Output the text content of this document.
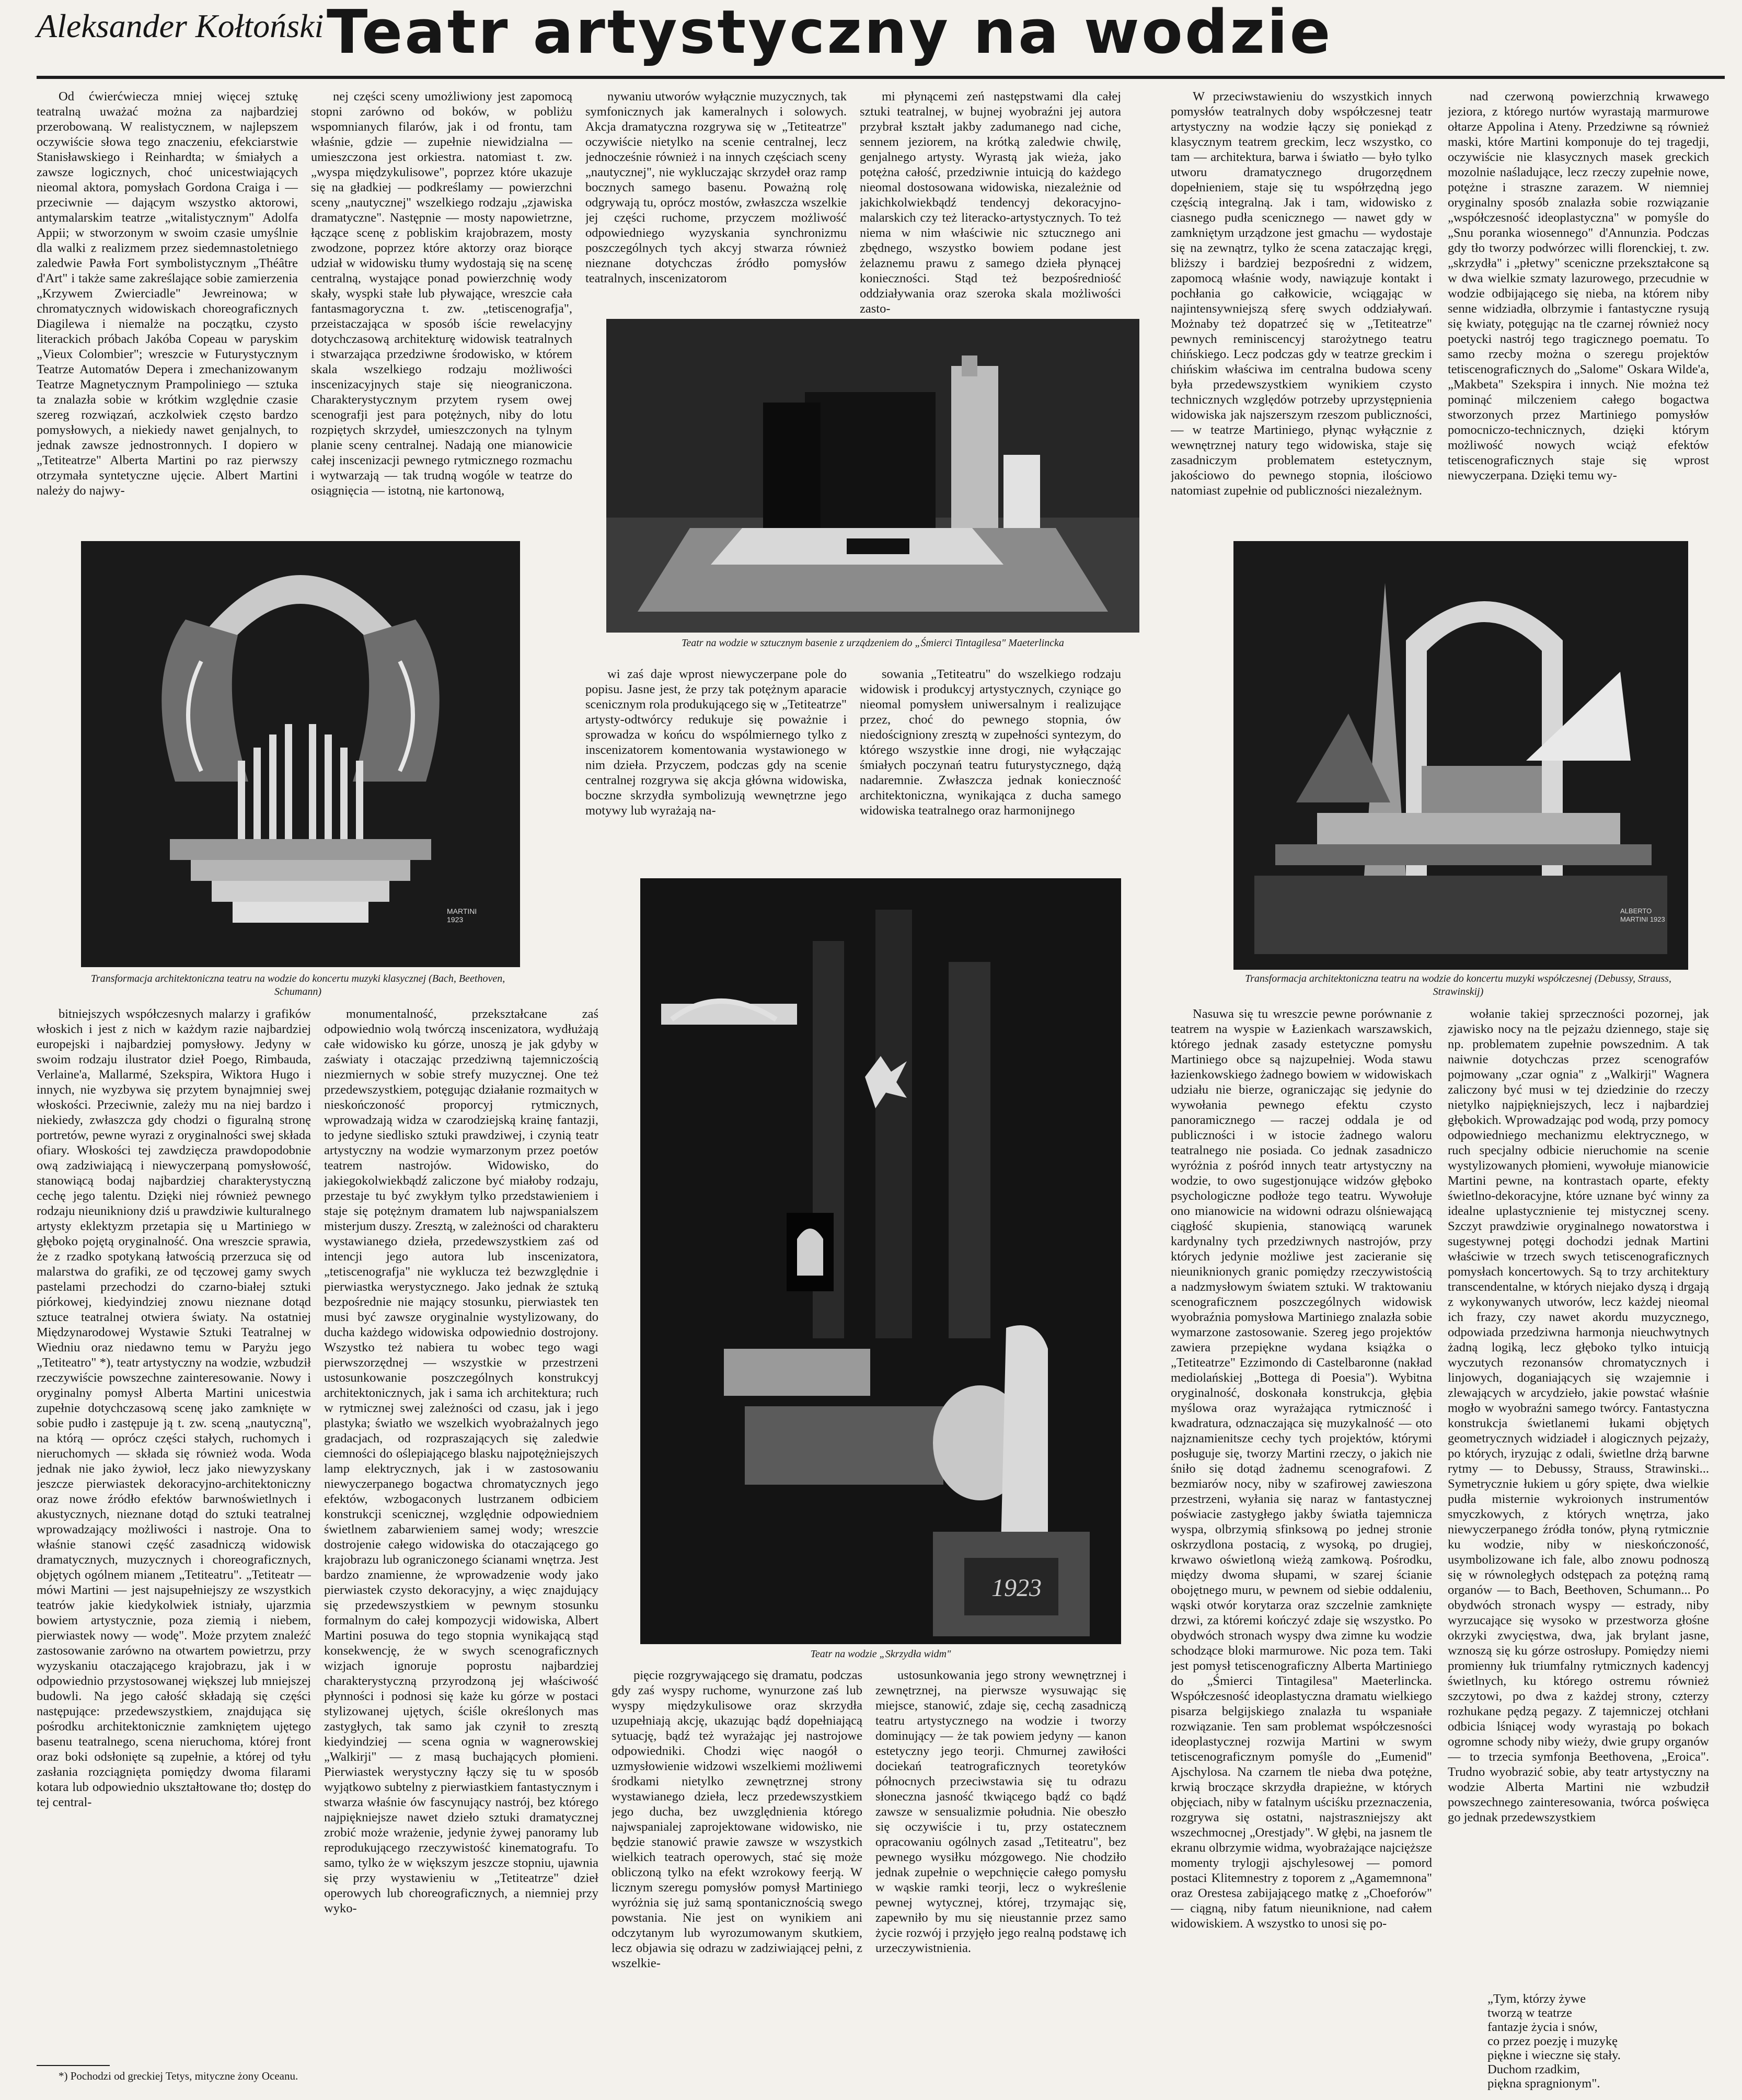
Aleksander Kołtoński Teatr artystyczny na wodzie

Od ćwierćwiecza mniej więcej sztukę teatralną uważać można za najbardziej przerobowaną. W realistycznem, w najlepszem oczywiście słowa tego znaczeniu, efekciarstwie Stanisławskiego i Reinhardta; w śmiałych a zawsze logicznych, choć unicestwiających nieomal aktora, pomysłach Gordona Craiga i — przeciwnie — dającym wszystko aktorowi, antymalarskim teatrze „witalistycznym" Adolfa Appii; w stworzonym w swoim czasie umyślnie dla walki z realizmem przez siedemnastoletniego zaledwie Pawła Fort symbolistycznym „Théâtre d'Art" i także same zakreślające sobie zamierzenia „Krzywem Zwierciadle" Jewreinowa; w chromatycznych widowiskach choreograficznych Diagilewa i niemalże na początku, czysto literackich próbach Jakóba Copeau w paryskim „Vieux Colombier"; wreszcie w Futurystycznym Teatrze Automatów Depera i zmechanizowanym Teatrze Magnetycznym Prampoliniego — sztuka ta znalazła sobie w krótkim względnie czasie szereg rozwiązań, aczkolwiek często bardzo pomysłowych, a niekiedy nawet genjalnych, to jednak zawsze jednostronnych. I dopiero w „Tetiteatrze" Alberta Martini po raz pierwszy otrzymała syntetyczne ujęcie. Albert Martini należy do najwy-

nej części sceny umożliwiony jest zapomocą stopni zarówno od boków, w pobliżu wspomnianych filarów, jak i od frontu, tam właśnie, gdzie — zupełnie niewidzialna — umieszczona jest orkiestra. natomiast t. zw. „wyspa międzykulisowe", poprzez które ukazuje się na gładkiej — podkreślamy — powierzchni sceny „nautycznej" wszelkiego rodzaju „zjawiska dramatyczne". Następnie — mosty napowietrzne, łączące scenę z pobliskim krajobrazem, mosty zwodzone, poprzez które aktorzy oraz biorące udział w widowisku tłumy wydostają się na scenę centralną, wystające ponad powierzchnię wody skały, wyspki stałe lub pływające, wreszcie cała fantasmagoryczna t. zw. „tetiscenografja", przeistaczająca w sposób iście rewelacyjny dotychczasową architekturę widowisk teatralnych i stwarzająca przedziwne środowisko, w którem skala wszelkiego rodzaju możliwości inscenizacyjnych staje się nieograniczona. Charakterystycznym przytem rysem owej scenografji jest para potężnych, niby do lotu rozpiętych skrzydeł, umieszczonych na tylnym planie sceny centralnej. Nadają one mianowicie całej inscenizacji pewnego rytmicznego rozmachu i wytwarzają — tak trudną wogóle w teatrze do osiągnięcia — istotną, nie kartonową,

nywaniu utworów wyłącznie muzycznych, tak symfonicznych jak kameralnych i solowych. Akcja dramatyczna rozgrywa się w „Tetiteatrze" oczywiście nietylko na scenie centralnej, lecz jednocześnie również i na innych częściach sceny „nautycznej", nie wykluczając skrzydeł oraz ramp bocznych samego basenu. Poważną rolę odgrywają tu, oprócz mostów, zwłaszcza wszelkie jej części ruchome, przyczem możliwość odpowiedniego wyzyskania synchronizmu poszczególnych tych akcyj stwarza również nieznane dotychczas źródło pomysłów teatralnych, inscenizatorom

mi płynącemi zeń następstwami dla całej sztuki teatralnej, w bujnej wyobraźni jej autora przybrał kształt jakby zadumanego nad ciche, sennem jeziorem, na krótką zaledwie chwilę, genjalnego artysty. Wyrastą jak wieża, jako potężna całość, przedziwnie intuicją do każdego nieomal dostosowana widowiska, niezależnie od jakichkolwiekbądź tendencyj dekoracyjno-malarskich czy też literacko-artystycznych. To też niema w nim właściwie nic sztucznego ani zbędnego, wszystko bowiem podane jest żelaznemu prawu z samego dzieła płynącej konieczności. Stąd też bezpośredniość oddziaływania oraz szeroka skala możliwości zasto-

W przeciwstawieniu do wszystkich innych pomysłów teatralnych doby współczesnej teatr artystyczny na wodzie łączy się poniekąd z klasycznym teatrem greckim, lecz wszystko, co tam — architektura, barwa i światło — było tylko utworu dramatycznego drugorzędnem dopełnieniem, staje się tu współrzędną jego częścią integralną. Jak i tam, widowisko z ciasnego pudła scenicznego — nawet gdy w zamkniętym urządzone jest gmachu — wydostaje się na zewnątrz, tylko że scena zataczając kręgi, bliższy i bardziej bezpośredni z widzem, zapomocą właśnie wody, nawiązuje kontakt i pochłania go całkowicie, wciągając w najintensywniejszą sferę swych oddziaływań. Możnaby też dopatrzeć się w „Tetiteatrze" pewnych reminiscencyj starożytnego teatru chińskiego. Lecz podczas gdy w teatrze greckim i chińskim właściwa im centralna budowa sceny była przedewszystkiem wynikiem czysto technicznych względów potrzeby uprzystępnienia widowiska jak najszerszym rzeszom publiczności, — w teatrze Martiniego, płynąc wyłącznie z wewnętrznej natury tego widowiska, staje się zasadniczym problematem estetycznym, jakościowo do pewnego stopnia, ilościowo natomiast zupełnie od publiczności niezależnym.

nad czerwoną powierzchnią krwawego jeziora, z którego nurtów wyrastają marmurowe ołtarze Appolina i Ateny. Przedziwne są również maski, które Martini komponuje do tej tragedji, oczywiście nie klasycznych masek greckich mozolnie naśladujące, lecz rzeczy zupełnie nowe, potężne i straszne zarazem. W niemniej oryginalny sposób znalazła sobie rozwiązanie „współczesność ideoplastyczna" w pomyśle do „Snu poranka wiosennego" d'Annunzia. Podczas gdy tło tworzy podwórzec willi florenckiej, t. zw. „skrzydła" i „płetwy" sceniczne przekształcone są w dwa wielkie szmaty lazurowego, przecudnie w wodzie odbijającego się nieba, na którem niby senne widziadła, olbrzymie i fantastyczne rysują się kwiaty, potęgując na tle czarnej również nocy poetycki nastrój tego tragicznego poematu. To samo rzecby można o szeregu projektów tetiscenograficznych do „Salome" Oskara Wilde'a, „Makbeta" Szekspira i innych. Nie można też pominąć milczeniem całego bogactwa stworzonych przez Martiniego pomysłów pomocniczo-technicznych, dzięki którym możliwość nowych wciąż efektów tetiscenograficznych staje się wprost niewyczerpana. Dzięki temu wy-

Teatr na wodzie w sztucznym basenie z urządzeniem do „Śmierci Tintagilesa" Maeterlincka
MARTINI 1923
Transformacja architektoniczna teatru na wodzie do koncertu muzyki klasycznej (Bach, Beethoven, Schumann)

wi zaś daje wprost niewyczerpane pole do popisu. Jasne jest, że przy tak potężnym aparacie scenicznym rola produkującego się w „Tetiteatrze" artysty-odtwórcy redukuje się poważnie i sprowadza w końcu do wspólmiernego tylko z inscenizatorem komentowania wystawionego w nim dzieła. Przyczem, podczas gdy na scenie centralnej rozgrywa się akcja główna widowiska, boczne skrzydła symbolizują wewnętrzne jego motywy lub wyrażają na-

sowania „Tetiteatru" do wszelkiego rodzaju widowisk i produkcyj artystycznych, czyniące go nieomal pomysłem uniwersalnym i realizujące przez, choć do pewnego stopnia, ów niedościgniony zresztą w zupełności syntezym, do którego wszystkie inne drogi, nie wyłączając śmiałych poczynań teatru futurystycznego, dążą nadaremnie. Zwłaszcza jednak konieczność architektoniczna, wynikająca z ducha samego widowiska teatralnego oraz harmonijnego

ALBERTO MARTINI 1923
Transformacja architektoniczna teatru na wodzie do koncertu muzyki współczesnej (Debussy, Strauss, Strawinskij)
1923
Teatr na wodzie „Skrzydła widm"

bitniejszych współczesnych malarzy i grafików włoskich i jest z nich w każdym razie najbardziej europejski i najbardziej pomysłowy. Jedyny w swoim rodzaju ilustrator dzieł Poego, Rimbauda, Verlaine'a, Mallarmé, Szekspira, Wiktora Hugo i innych, nie wyzbywa się przytem bynajmniej swej włoskości. Przeciwnie, zależy mu na niej bardzo i niekiedy, zwłaszcza gdy chodzi o figuralną stronę portretów, pewne wyrazi z oryginalności swej składa ofiary. Włoskości tej zawdzięcza prawdopodobnie ową zadziwiającą i niewyczerpaną pomysłowość, stanowiącą bodaj najbardziej charakterystyczną cechę jego talentu. Dzięki niej również pewnego rodzaju nieunikniony dziś u prawdziwie kulturalnego artysty eklektyzm przetapia się u Martiniego w głęboko pojętą oryginalność. Ona wreszcie sprawia, że z rzadko spotykaną łatwością przerzuca się od malarstwa do grafiki, ze od tęczowej gamy swych pastelami przechodzi do czarno-białej sztuki piórkowej, kiedyindziej znowu nieznane dotąd sztuce teatralnej otwiera światy. Na ostatniej Międzynarodowej Wystawie Sztuki Teatralnej w Wiedniu oraz niedawno temu w Paryżu jego „Tetiteatro" *), teatr artystyczny na wodzie, wzbudził rzeczywiście powszechne zainteresowanie. Nowy i oryginalny pomysł Alberta Martini unicestwia zupełnie dotychczasową scenę jako zamknięte w sobie pudło i zastępuje ją t. zw. sceną „nautyczną", na którą — oprócz części stałych, ruchomych i nieruchomych — składa się również woda. Woda jednak nie jako żywioł, lecz jako niewyzyskany jeszcze pierwiastek dekoracyjno-architektoniczny oraz nowe źródło efektów barwnoświetlnych i akustycznych, nieznane dotąd do sztuki teatralnej wprowadzający możliwości i nastroje. Ona to właśnie stanowi część zasadniczą widowisk dramatycznych, muzycznych i choreograficznych, objętych ogólnem mianem „Tetiteatru". „Tetiteatr — mówi Martini — jest najsupełniejszy ze wszystkich teatrów jakie kiedykolwiek istniały, ujarzmia bowiem artystycznie, poza ziemią i niebem, pierwiastek nowy — wodę". Może przytem znaleźć zastosowanie zarówno na otwartem powietrzu, przy wyzyskaniu otaczającego krajobrazu, jak i w odpowiednio przystosowanej większej lub mniejszej budowli. Na jego całość składają się części następujące: przedewszystkiem, znajdująca się pośrodku architektonicznie zamkniętem ujętego basenu teatralnego, scena nieruchoma, której front oraz boki odsłonięte są zupełnie, a której od tyłu zasłania rozciągnięta pomiędzy dwoma filarami kotara lub odpowiednio ukształtowane tło; dostęp do tej central-

*) Pochodzi od greckiej Tetys, mityczne żony Oceanu.

monumentalność, przekształcane zaś odpowiednio wolą twórczą inscenizatora, wydłużają całe widowisko ku górze, unoszą je jak gdyby w zaświaty i otaczając przedziwną tajemniczością niezmiernych w sobie strefy muzycznej. One też przedewszystkiem, potęgując działanie rozmaitych w nieskończoność proporcyj rytmicznych, wprowadzają widza w czarodziejską krainę fantazji, to jedyne siedlisko sztuki prawdziwej, i czynią teatr artystyczny na wodzie wymarzonym przez poetów teatrem nastrojów. Widowisko, do jakiegokolwiekbądź zaliczone być miałoby rodzaju, przestaje tu być zwykłym tylko przedstawieniem i staje się potężnym dramatem lub najwspanialszem misterjum duszy. Zresztą, w zależności od charakteru wystawianego dzieła, przedewszystkiem zaś od intencji jego autora lub inscenizatora, „tetiscenografja" nie wyklucza też bezwzględnie i pierwiastka werystycznego. Jako jednak że sztuką bezpośrednie nie mający stosunku, pierwiastek ten musi być zawsze oryginalnie wystylizowany, do ducha każdego widowiska odpowiednio dostrojony. Wszystko też nabiera tu wobec tego wagi pierwszorzędnej — wszystkie w przestrzeni ustosunkowanie poszczególnych konstrukcyj architektonicznych, jak i sama ich architektura; ruch w rytmicznej swej zależności od czasu, jak i jego plastyka; światło we wszelkich wyobrażalnych jego gradacjach, od rozpraszających się zaledwie ciemności do oślepiającego blasku najpotężniejszych lamp elektrycznych, jak i w zastosowaniu niewyczerpanego bogactwa chromatycznych jego efektów, wzbogaconych lustrzanem odbiciem konstrukcji scenicznej, względnie odpowiedniem świetlnem zabarwieniem samej wody; wreszcie dostrojenie całego widowiska do otaczającego go krajobrazu lub ograniczonego ścianami wnętrza. Jest bardzo znamienne, że wprowadzenie wody jako pierwiastek czysto dekoracyjny, a więc znajdujący się przedewszystkiem w pewnym stosunku formalnym do całej kompozycji widowiska, Albert Martini posuwa do tego stopnia wynikającą stąd konsekwencję, że w swych scenograficznych wizjach ignoruje poprostu najbardziej charakterystyczną przyrodzoną jej właściwość płynności i podnosi się każe ku górze w postaci stylizowanej ujętych, ściśle określonych mas zastygłych, tak samo jak czynił to zresztą kiedyindziej — scena ognia w wagnerowskiej „Walkirji" — z masą buchających płomieni. Pierwiastek werystyczny łączy się tu w sposób wyjątkowo subtelny z pierwiastkiem fantastycznym i stwarza właśnie ów fascynujący nastrój, bez którego najpiękniejsze nawet dzieło sztuki dramatycznej zrobić może wrażenie, jedynie żywej panoramy lub reprodukującego rzeczywistość kinematografu. To samo, tylko że w większym jeszcze stopniu, ujawnia się przy wystawieniu w „Tetiteatrze" dzieł operowych lub choreograficznych, a niemniej przy wyko-

pięcie rozgrywającego się dramatu, podczas gdy zaś wyspy ruchome, wynurzone zaś lub wyspy międzykulisowe oraz skrzydła uzupełniają akcję, ukazując bądź dopełniającą sytuację, bądź też wyrażając jej nastrojowe odpowiedniki. Chodzi więc naogół o uzmysłowienie widzowi wszelkiemi możliwemi środkami nietylko zewnętrznej strony wystawianego dzieła, lecz przedewszystkiem jego ducha, bez uwzględnienia którego najwspanialej zaprojektowane widowisko, nie będzie stanowić prawie zawsze w wszystkich wielkich teatrach operowych, stać się może obliczoną tylko na efekt wzrokowy feerją. W licznym szeregu pomysłów pomysł Martiniego wyróżnia się już samą spontanicznością swego powstania. Nie jest on wynikiem ani odczytanym lub wyrozumowanym skutkiem, lecz objawia się odrazu w zadziwiającej pełni, z wszelkie-

ustosunkowania jego strony wewnętrznej i zewnętrznej, na pierwsze wysuwając się miejsce, stanowić, zdaje się, cechą zasadniczą teatru artystycznego na wodzie i tworzy dominujący — że tak powiem jedyny — kanon estetyczny jego teorji. Chmurnej zawiłości dociekań teatrograficznych teoretyków północnych przeciwstawia się tu odrazu słoneczna jasność tkwiącego bądź co bądź zawsze w sensualizmie południa. Nie obeszło się oczywiście i tu, przy ostatecznem opracowaniu ogólnych zasad „Tetiteatru", bez pewnego wysiłku mózgowego. Nie chodziło jednak zupełnie o wepchnięcie całego pomysłu w wąskie ramki teorji, lecz o wykreślenie pewnej wytycznej, której, trzymając się, zapewniło by mu się nieustannie przez samo życie rozwój i przyjęło jego realną podstawę ich urzeczywistnienia.

Nasuwa się tu wreszcie pewne porównanie z teatrem na wyspie w Łazienkach warszawskich, którego jednak zasady estetyczne pomysłu Martiniego obce są najzupełniej. Woda stawu łazienkowskiego żadnego bowiem w widowiskach udziału nie bierze, ograniczając się jedynie do wywołania pewnego efektu czysto panoramicznego — raczej oddala je od publiczności i w istocie żadnego waloru teatralnego nie posiada. Co jednak zasadniczo wyróżnia z pośród innych teatr artystyczny na wodzie, to owo sugestjonujące widzów głęboko psychologiczne podłoże tego teatru. Wywołuje ono mianowicie na widowni odrazu olśniewającą ciągłość skupienia, stanowiącą warunek kardynalny tych przedziwnych nastrojów, przy których jedynie możliwe jest zacieranie się nieuniknionych granic pomiędzy rzeczywistością a nadzmysłowym światem sztuki. W traktowaniu scenograficznem poszczególnych widowisk wyobraźnia pomysłowa Martiniego znalazła sobie wymarzone zastosowanie. Szereg jego projektów zawiera przepiękne wydana książka o „Tetiteatrze" Ezzimondo di Castelbaronne (nakład mediolańskiej „Bottega di Poesia"). Wybitna oryginalność, doskonała konstrukcja, głębia myślowa oraz wyrażająca rytmiczność i kwadratura, odznaczająca się muzykalność — oto najznamienitsze cechy tych projektów, którymi posługuje się, tworzy Martini rzeczy, o jakich nie śniło się dotąd żadnemu scenografowi. Z bezmiarów nocy, niby w szafirowej zawieszona przestrzeni, wyłania się naraz w fantastycznej poświacie zastygłego jakby światła tajemnicza wyspa, olbrzymią sfinksową po jednej stronie oskrzydlona postacią, z wysoką, po drugiej, krwawo oświetloną wieżą zamkową. Pośrodku, między dwoma słupami, w szarej ścianie obojętnego muru, w pewnem od siebie oddaleniu, wąski otwór korytarza oraz szczelnie zamknięte drzwi, za któremi kończyć zdaje się wszystko. Po obydwóch stronach wyspy dwa zimne ku wodzie schodzące bloki marmurowe. Nic poza tem. Taki jest pomysł tetiscenograficzny Alberta Martiniego do „Śmierci Tintagilesa" Maeterlincka. Współczesność ideoplastyczna dramatu wielkiego pisarza belgijskiego znalazła tu wspaniałe rozwiązanie. Ten sam problemat współczesności ideoplastycznej rozwija Martini w swym tetiscenograficznym pomyśle do „Eumenid" Ajschylosa. Na czarnem tle nieba dwa potężne, krwią broczące skrzydła drapieżne, w których objęciach, niby w fatalnym uściśku przeznaczenia, rozgrywa się ostatni, najstraszniejszy akt wszechmocnej „Orestjady". W głębi, na jasnem tle ekranu olbrzymie widma, wyobrażające najcięższe momenty trylogji ajschylesowej — pomord postaci Klitemnestry z toporem z „Agamemnona" oraz Orestesa zabijającego matkę z „Choeforów" — ciągną, niby fatum nieuniknione, nad całem widowiskiem. A wszystko to unosi się po-

wołanie takiej sprzeczności pozornej, jak zjawisko nocy na tle pejzażu dziennego, staje się np. problematem zupełnie powszednim. A tak naiwnie dotychczas przez scenografów pojmowany „czar ognia" z „Walkirji" Wagnera zaliczony być musi w tej dziedzinie do rzeczy nietylko najpiękniejszych, lecz i najbardziej głębokich. Wprowadzając pod wodą, przy pomocy odpowiedniego mechanizmu elektrycznego, w ruch specjalny odbicie nieruchomie na scenie wystylizowanych płomieni, wywołuje mianowicie Martini pewne, na kontrastach oparte, efekty świetlno-dekoracyjne, które uznane być winny za idealne uplastycznienie tej mistycznej sceny. Szczyt prawdziwie oryginalnego nowatorstwa i sugestywnej potęgi dochodzi jednak Martini właściwie w trzech swych tetiscenograficznych pomysłach koncertowych. Są to trzy architektury transcendentalne, w których niejako dyszą i drgają z wykonywanych utworów, lecz każdej nieomal ich frazy, czy nawet akordu muzycznego, odpowiada przedziwna harmonja nieuchwytnych żadną logiką, lecz głęboko tylko intuicją wyczutych rezonansów chromatycznych i linjowych, doganiających się wzajemnie i zlewających w arcydzieło, jakie powstać właśnie mogło w wyobraźni samego twórcy. Fantastyczna konstrukcja świetlanemi łukami objętych geometrycznych widziadeł i alogicznych pejzaży, po których, iryzując z odali, świetlne drżą barwne rytmy — to Debussy, Strauss, Strawinski... Symetrycznie łukiem u góry spięte, dwa wielkie pudła misternie wykroionych instrumentów smyczkowych, z których wnętrza, jako niewyczerpanego źródła tonów, płyną rytmicznie ku wodzie, niby w nieskończoność, usymbolizowane ich fale, albo znowu podnoszą się w równoległych odstępach za potężną ramą organów — to Bach, Beethoven, Schumann... Po obydwóch stronach wyspy — estrady, niby wyrzucające się wysoko w przestworza głośne okrzyki zwycięstwa, dwa, jak brylant jasne, wznoszą się ku górze ostrosłupy. Pomiędzy niemi promienny łuk triumfalny rytmicznych kadencyj świetlnych, ku którego ostremu również szczytowi, po dwa z każdej strony, czterzy rozhukane pędzą pegazy. Z tajemniczej otchłani odbicia lśniącej wody wyrastają po bokach ogromne schody niby wieży, dwie grupy organów — to trzecia symfonja Beethovena, „Eroica". Trudno wyobrazić sobie, aby teatr artystyczny na wodzie Alberta Martini nie wzbudził powszechnego zainteresowania, twórca poświęca go jednak przedewszystkiem

„Tym, którzy żywe

tworzą w teatrze

fantazje życia i snów,

co przez poezję i muzykę

piękne i wieczne się stały.

Duchom rzadkim,

piękna spragnionym".
